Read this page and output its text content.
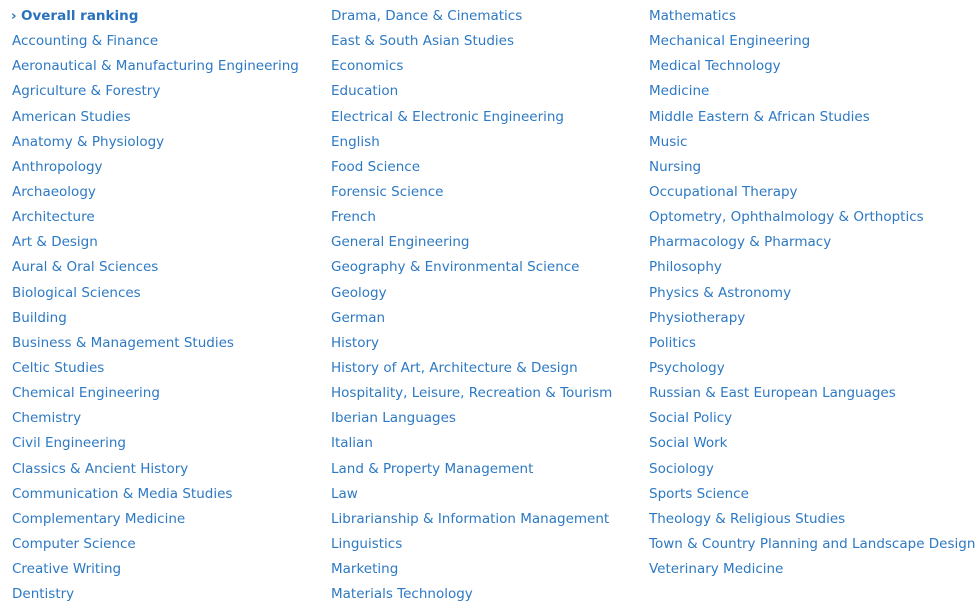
› Overall ranking
Accounting & Finance
Aeronautical & Manufacturing Engineering
Agriculture & Forestry
American Studies
Anatomy & Physiology
Anthropology
Archaeology
Architecture
Art & Design
Aural & Oral Sciences
Biological Sciences
Building
Business & Management Studies
Celtic Studies
Chemical Engineering
Chemistry
Civil Engineering
Classics & Ancient History
Communication & Media Studies
Complementary Medicine
Computer Science
Creative Writing
Dentistry
Drama, Dance & Cinematics
East & South Asian Studies
Economics
Education
Electrical & Electronic Engineering
English
Food Science
Forensic Science
French
General Engineering
Geography & Environmental Science
Geology
German
History
History of Art, Architecture & Design
Hospitality, Leisure, Recreation & Tourism
Iberian Languages
Italian
Land & Property Management
Law
Librarianship & Information Management
Linguistics
Marketing
Materials Technology
Mathematics
Mechanical Engineering
Medical Technology
Medicine
Middle Eastern & African Studies
Music
Nursing
Occupational Therapy
Optometry, Ophthalmology & Orthoptics
Pharmacology & Pharmacy
Philosophy
Physics & Astronomy
Physiotherapy
Politics
Psychology
Russian & East European Languages
Social Policy
Social Work
Sociology
Sports Science
Theology & Religious Studies
Town & Country Planning and Landscape Design
Veterinary Medicine
